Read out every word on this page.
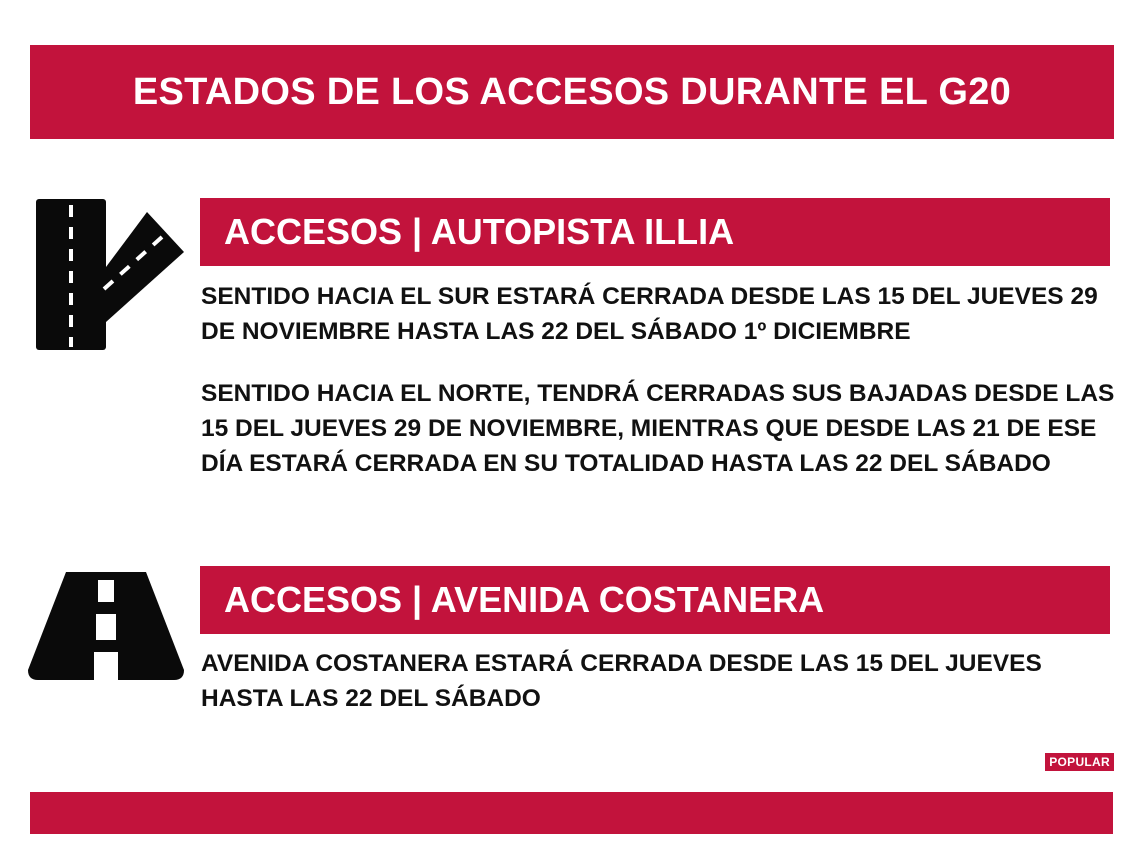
ESTADOS DE LOS ACCESOS DURANTE EL G20
ACCESOS | AUTOPISTA ILLIA

SENTIDO HACIA EL SUR ESTARÁ CERRADA DESDE LAS 15 DEL JUEVES 29 DE NOVIEMBRE HASTA LAS 22 DEL SÁBADO 1º DICIEMBRE

SENTIDO HACIA EL NORTE, TENDRÁ CERRADAS SUS BAJADAS DESDE LAS 15 DEL JUEVES 29 DE NOVIEMBRE, MIENTRAS QUE DESDE LAS 21 DE ESE DÍA ESTARÁ CERRADA EN SU TOTALIDAD HASTA LAS 22 DEL SÁBADO

ACCESOS | AVENIDA COSTANERA

AVENIDA COSTANERA ESTARÁ CERRADA DESDE LAS 15 DEL JUEVES HASTA LAS 22 DEL SÁBADO

POPULAR
